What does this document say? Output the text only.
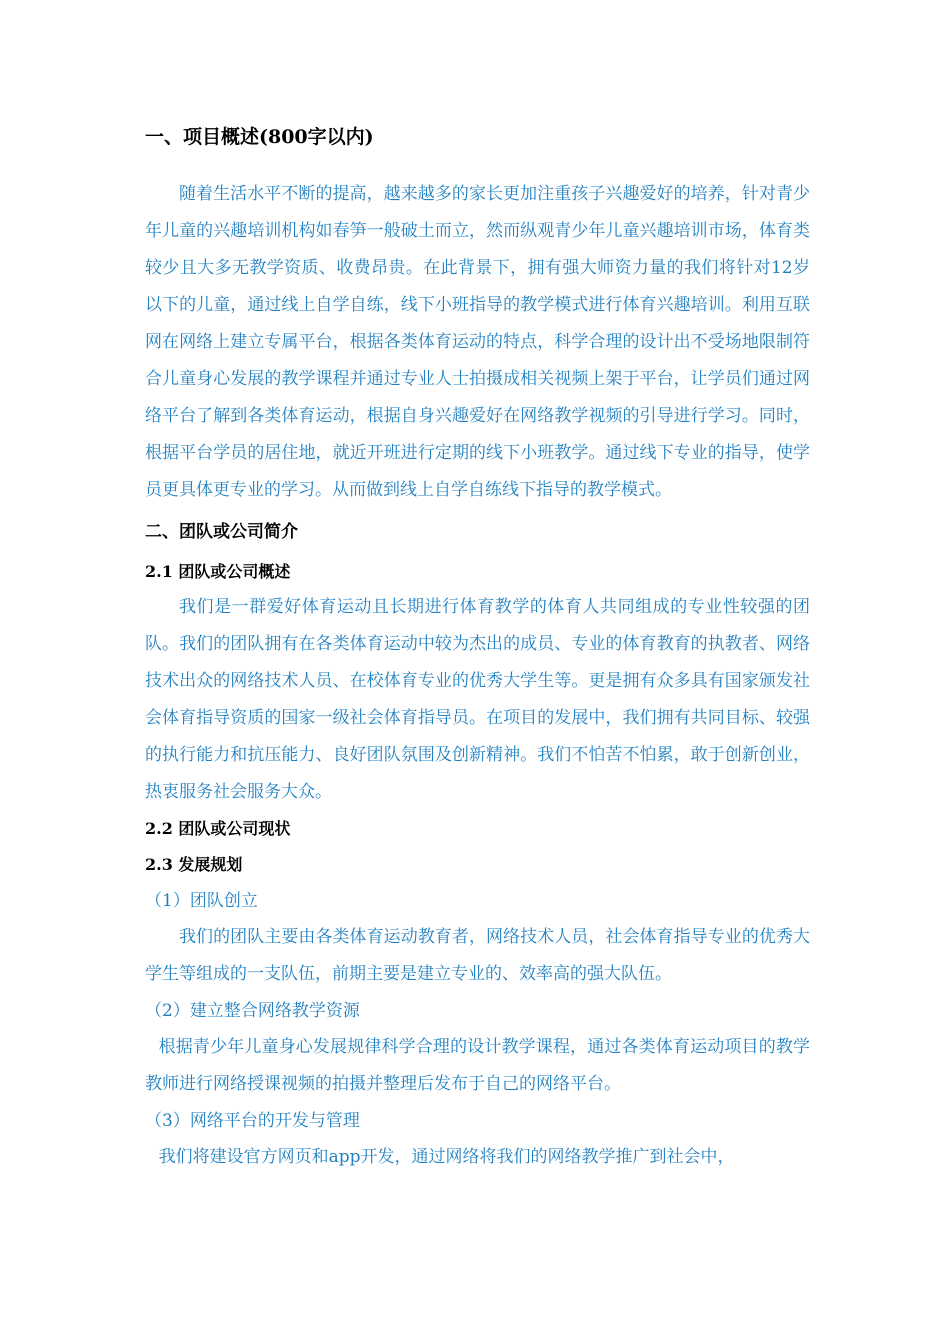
一、项目概述(800字以内)

随着生活水平不断的提高，越来越多的家长更加注重孩子兴趣爱好的培养，针对青少年儿童的兴趣培训机构如春笋一般破土而立，然而纵观青少年儿童兴趣培训市场，体育类较少且大多无教学资质、收费昂贵。在此背景下，拥有强大师资力量的我们将针对12岁以下的儿童，通过线上自学自练，线下小班指导的教学模式进行体育兴趣培训。利用互联网在网络上建立专属平台，根据各类体育运动的特点，科学合理的设计出不受场地限制符合儿童身心发展的教学课程并通过专业人士拍摄成相关视频上架于平台，让学员们通过网络平台了解到各类体育运动，根据自身兴趣爱好在网络教学视频的引导进行学习。同时，根据平台学员的居住地，就近开班进行定期的线下小班教学。通过线下专业的指导，使学员更具体更专业的学习。从而做到线上自学自练线下指导的教学模式。

二、团队或公司简介
2.1 团队或公司概述

我们是一群爱好体育运动且长期进行体育教学的体育人共同组成的专业性较强的团队。我们的团队拥有在各类体育运动中较为杰出的成员、专业的体育教育的执教者、网络技术出众的网络技术人员、在校体育专业的优秀大学生等。更是拥有众多具有国家颁发社会体育指导资质的国家一级社会体育指导员。在项目的发展中，我们拥有共同目标、较强的执行能力和抗压能力、良好团队氛围及创新精神。我们不怕苦不怕累，敢于创新创业，热衷服务社会服务大众。

2.2 团队或公司现状
2.3 发展规划
（1）团队创立

我们的团队主要由各类体育运动教育者，网络技术人员，社会体育指导专业的优秀大学生等组成的一支队伍，前期主要是建立专业的、效率高的强大队伍。

（2）建立整合网络教学资源

根据青少年儿童身心发展规律科学合理的设计教学课程，通过各类体育运动项目的教学教师进行网络授课视频的拍摄并整理后发布于自己的网络平台。

（3）网络平台的开发与管理

我们将建设官方网页和app开发，通过网络将我们的网络教学推广到社会中，
